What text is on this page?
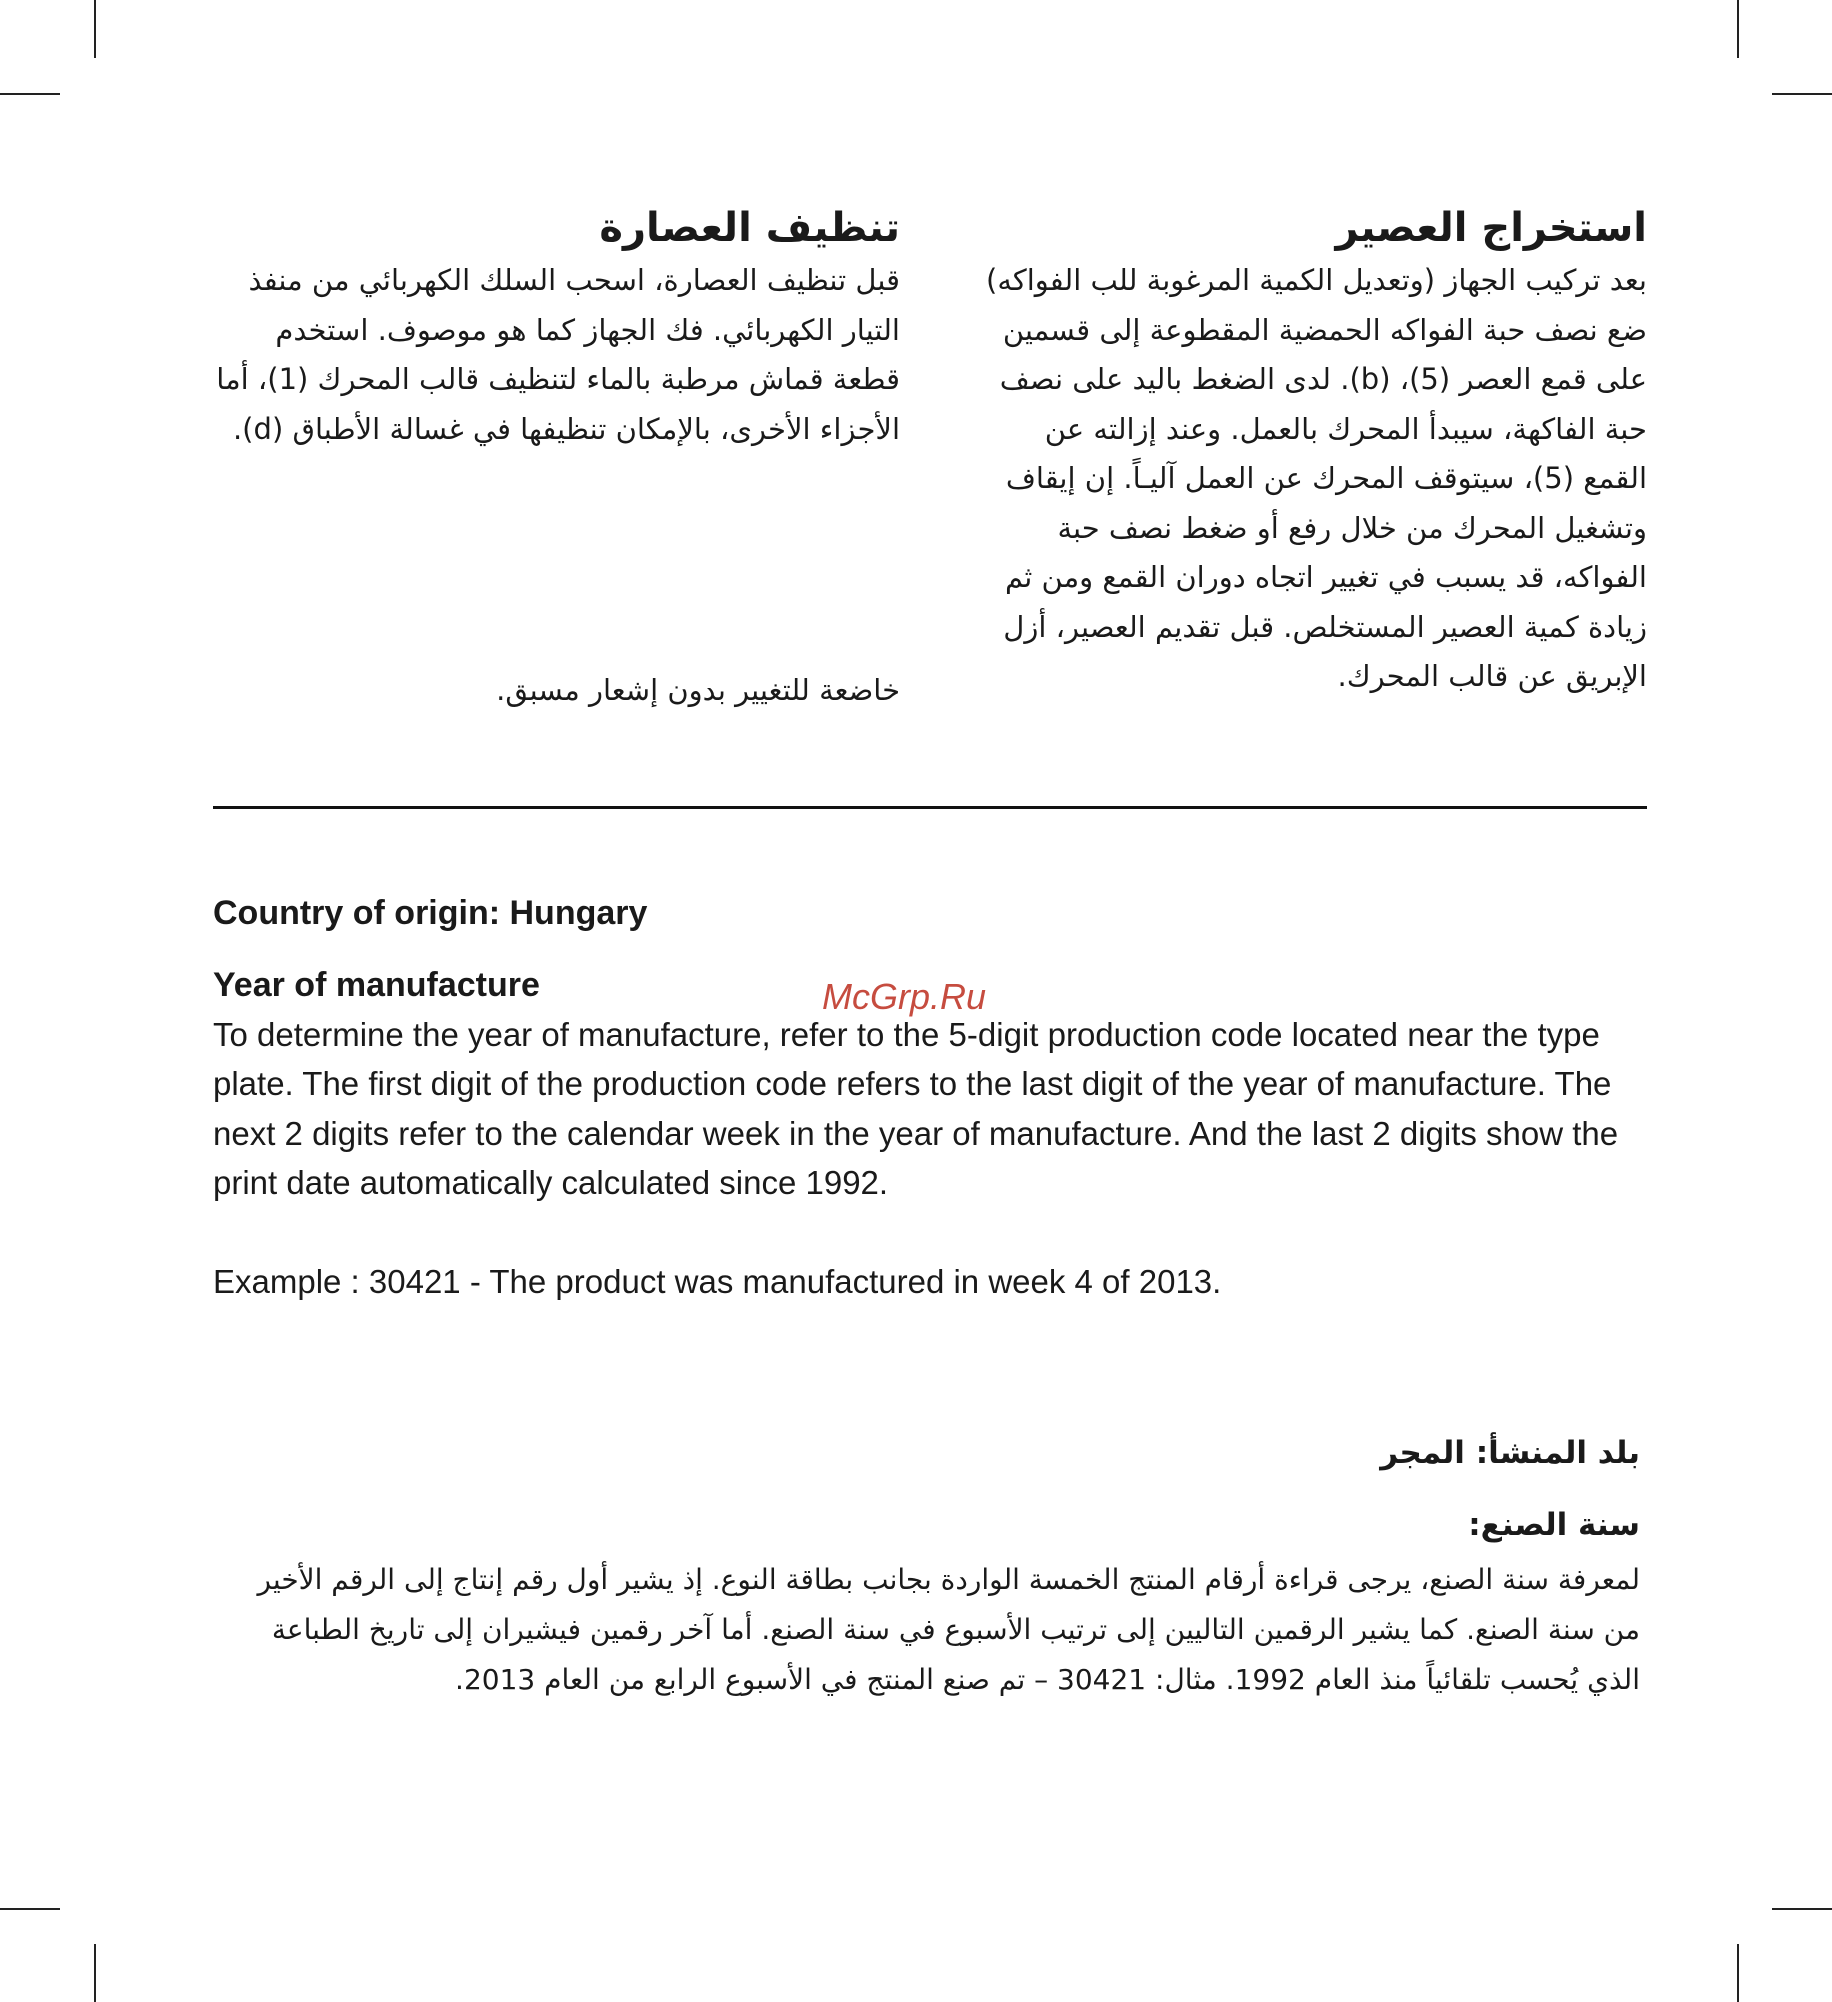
استخراج العصير

بعد تركيب الجهاز (وتعديل الكمية المرغوبة للب الفواكه) ضع نصف حبة الفواكه الحمضية المقطوعة إلى قسمين على قمع العصر (5)، (b). لدى الضغط باليد على نصف حبة الفاكهة، سيبدأ المحرك بالعمل. وعند إزالته عن القمع (5)، سيتوقف المحرك عن العمل آليـاً. إن إيقاف وتشغيل المحرك من خلال رفع أو ضغط نصف حبة الفواكه، قد يسبب في تغيير اتجاه دوران القمع ومن ثم زيادة كمية العصير المستخلص. قبل تقديم العصير، أزل الإبريق عن قالب المحرك.

تنظيف العصارة

قبل تنظيف العصارة، اسحب السلك الكهربائي من منفذ التيار الكهربائي. فك الجهاز كما هو موصوف. استخدم قطعة قماش مرطبة بالماء لتنظيف قالب المحرك (1)، أما الأجزاء الأخرى، بالإمكان تنظيفها في غسالة الأطباق (d).

خاضعة للتغيير بدون إشعار مسبق.

Country of origin: Hungary

Year of manufacture

To determine the year of manufacture, refer to the 5-digit production code located near the type plate. The first digit of the production code refers to the last digit of the year of manufacture. The next 2 digits refer to the calendar week in the year of manufacture. And the last 2 digits show the print date automatically calculated since 1992.

Example : 30421 - The product was manufactured in week 4 of 2013.

McGrp.Ru

بلد المنشأ: المجر

سنة الصنع:

لمعرفة سنة الصنع، يرجى قراءة أرقام المنتج الخمسة الواردة بجانب بطاقة النوع. إذ يشير أول رقم إنتاج إلى الرقم الأخير من سنة الصنع. كما يشير الرقمين التاليين إلى ترتيب الأسبوع في سنة الصنع. أما آخر رقمين فيشيران إلى تاريخ الطباعة الذي يُحسب تلقائياً منذ العام 1992. مثال: 30421 – تم صنع المنتج في الأسبوع الرابع من العام 2013.
